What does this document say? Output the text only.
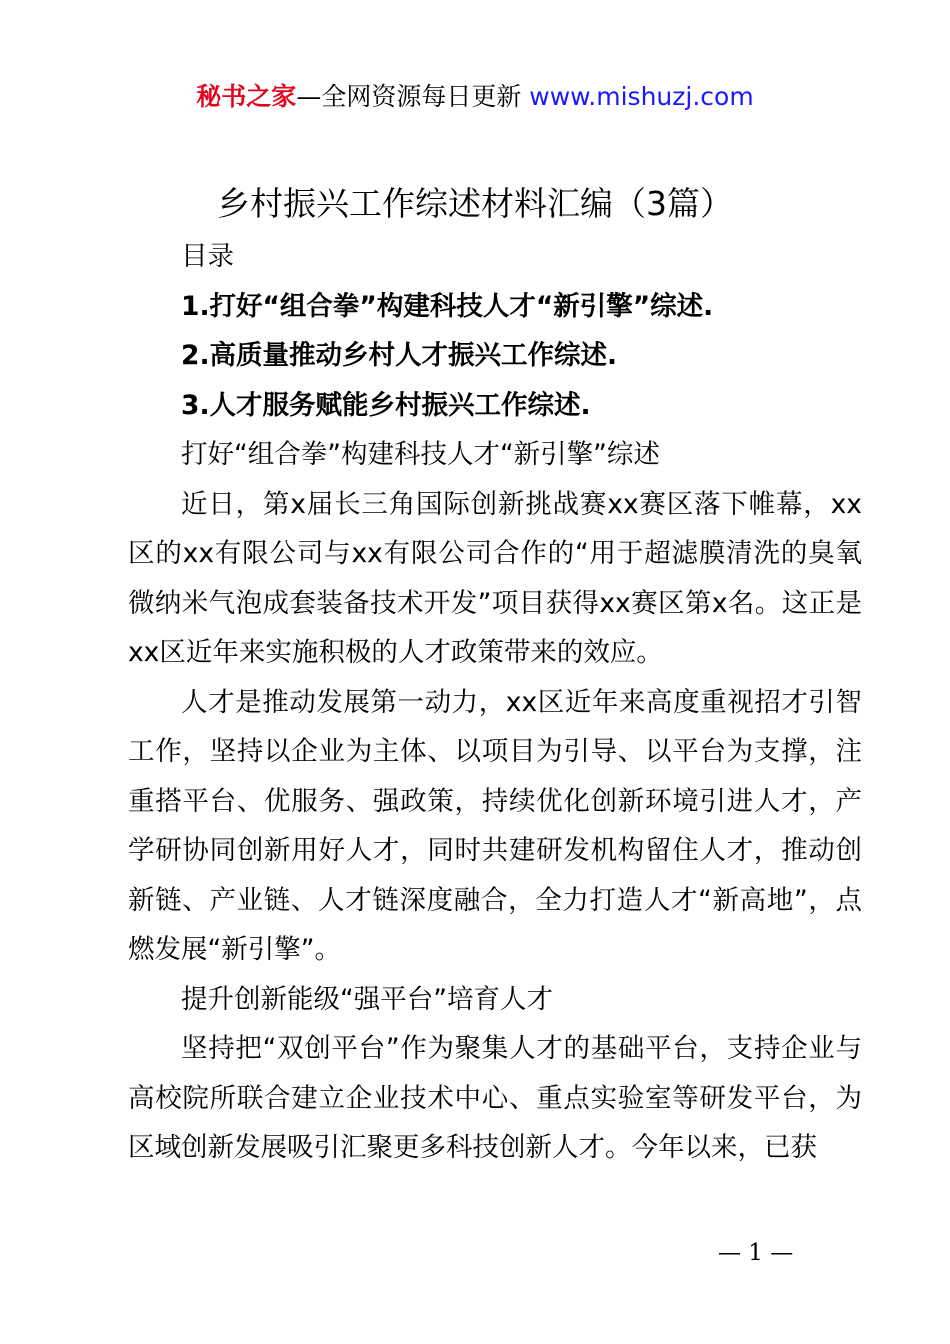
秘书之家—全网资源每日更新 www.mishuzj.com
乡村振兴工作综述材料汇编（3篇）

目录

1.打好“组合拳”构建科技人才“新引擎”综述.

2.高质量推动乡村人才振兴工作综述.

3.人才服务赋能乡村振兴工作综述.

打好“组合拳”构建科技人才“新引擎”综述

近日，第x届长三角国际创新挑战赛xx赛区落下帷幕，xx区的xx有限公司与xx有限公司合作的“用于超滤膜清洗的臭氧微纳米气泡成套装备技术开发”项目获得xx赛区第x名。这正是xx区近年来实施积极的人才政策带来的效应。

人才是推动发展第一动力，xx区近年来高度重视招才引智工作，坚持以企业为主体、以项目为引导、以平台为支撑，注重搭平台、优服务、强政策，持续优化创新环境引进人才，产学研协同创新用好人才，同时共建研发机构留住人才，推动创新链、产业链、人才链深度融合，全力打造人才“新高地”，点燃发展“新引擎”。

提升创新能级“强平台”培育人才

坚持把“双创平台”作为聚集人才的基础平台，支持企业与高校院所联合建立企业技术中心、重点实验室等研发平台，为区域创新发展吸引汇聚更多科技创新人才。今年以来，已获

— 1 —
